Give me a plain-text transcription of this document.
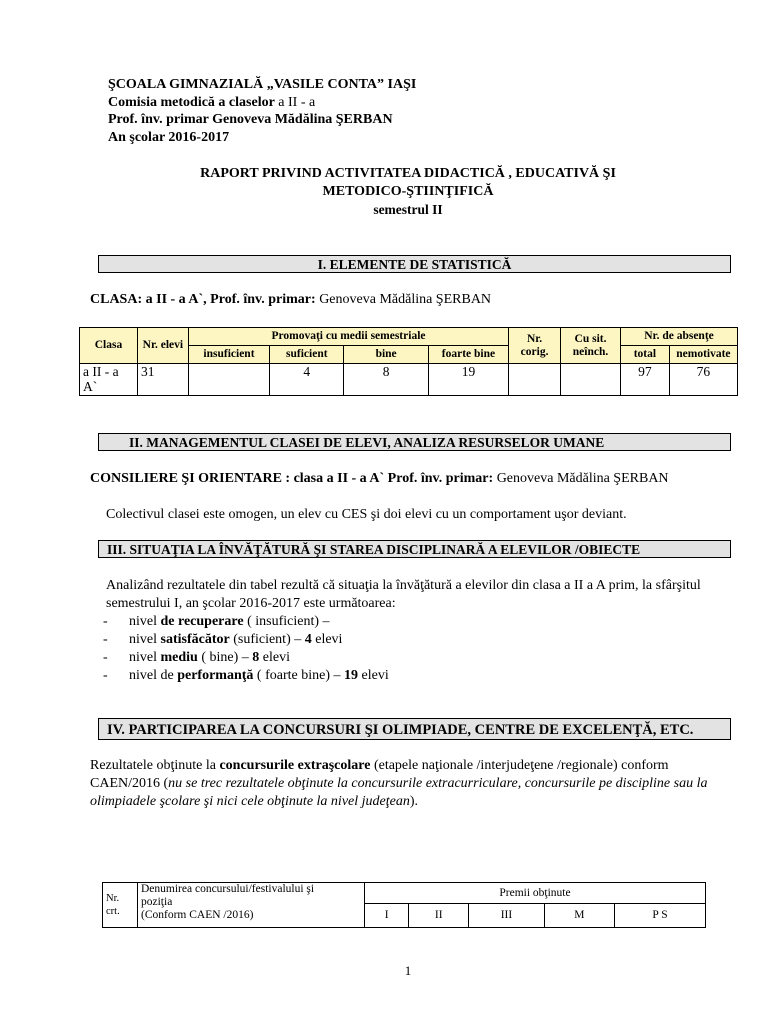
ŞCOALA GIMNAZIALĂ „VASILE CONTA” IAŞI
Comisia metodică a claselor a II - a
Prof. înv. primar Genoveva Mădălina ŞERBAN
An şcolar 2016-2017
RAPORT PRIVIND ACTIVITATEA DIDACTICĂ , EDUCATIVĂ ŞI
METODICO-ŞTIINŢIFICĂ
semestrul II
I. ELEMENTE DE STATISTICĂ
CLASA: a II - a A`, Prof. înv. primar: Genoveva Mădălina ŞERBAN
Clasa	Nr. elevi	Promovaţi cu medii semestriale				Nr. corig.	Cu sit. neînch.	Nr. de absenţe	
		insuficient	suficient	bine	foarte bine			total	nemotivate
a II - a A`	31		4	8	19			97	76
II. MANAGEMENTUL CLASEI DE ELEVI, ANALIZA RESURSELOR UMANE
CONSILIERE ŞI ORIENTARE : clasa a II - a A` Prof. înv. primar: Genoveva Mădălina ŞERBAN
Colectivul clasei este omogen, un elev cu CES şi doi elevi cu un comportament uşor deviant.
III. SITUAŢIA LA ÎNVĂŢĂTURĂ ŞI STAREA DISCIPLINARĂ A ELEVILOR /OBIECTE
Analizând rezultatele din tabel rezultă că situaţia la învăţătură a elevilor din clasa a II a A prim, la sfârşitul semestrului I, an şcolar 2016-2017 este următoarea:
- nivel de recuperare ( insuficient) –
- nivel satisfăcător (suficient) – 4 elevi
- nivel mediu ( bine) – 8 elevi
- nivel de performanţă ( foarte bine) – 19 elevi
IV. PARTICIPAREA LA CONCURSURI ŞI OLIMPIADE, CENTRE DE EXCELENŢĂ, ETC.
Rezultatele obţinute la concursurile extraşcolare (etapele naţionale /interjudeţene /regionale) conform CAEN/2016 (nu se trec rezultatele obţinute la concursurile extracurriculare, concursurile pe discipline sau la olimpiadele şcolare şi nici cele obţinute la nivel judeţean).
Nr. crt.	Denumirea concursului/festivalului şi
poziţia
(Conform CAEN /2016)	Premii obţinute				
		I	II	III	M	P S
1
